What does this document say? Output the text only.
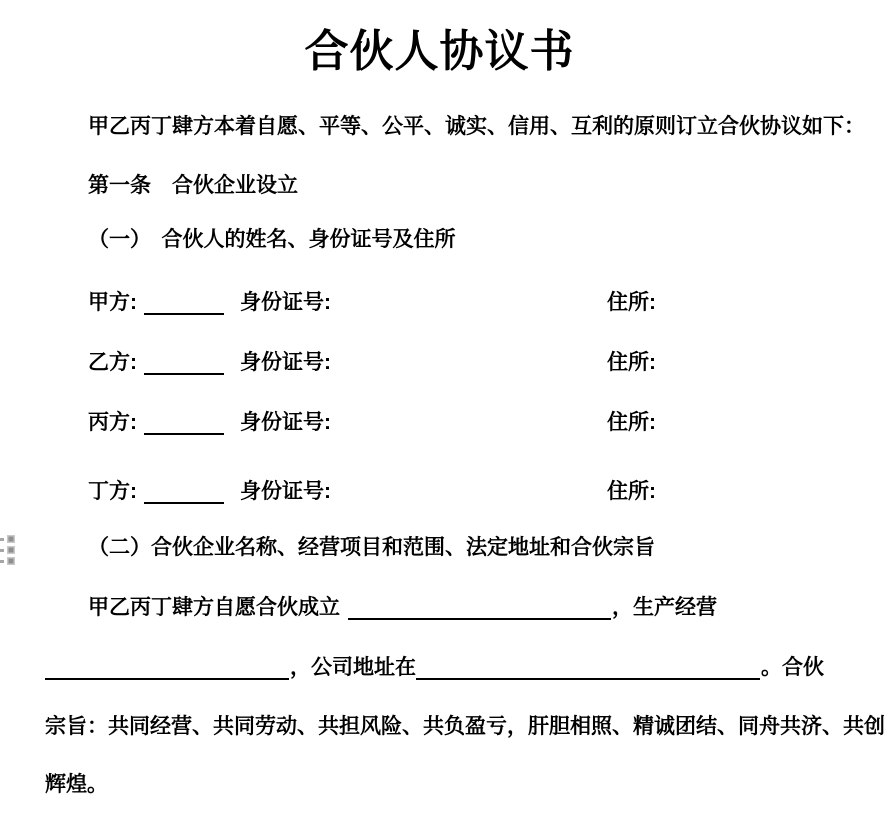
合伙人协议书
甲乙丙丁肆方本着自愿、平等、公平、诚实、信用、互利的原则订立合伙协议如下：
第一条　合伙企业设立
（一）　合伙人的姓名、身份证号及住所
甲方:	身份证号:	住所:
乙方:	身份证号:	住所:
丙方:	身份证号:	住所:
丁方:	身份证号:	住所:
（二）合伙企业名称、经营项目和范围、法定地址和合伙宗旨
甲乙丙丁肆方自愿合伙成立	，生产经营
，公司地址在	。合伙
宗旨：共同经营、共同劳动、共担风险、共负盈亏，肝胆相照、精诚团结、同舟共济、共创
辉煌。
